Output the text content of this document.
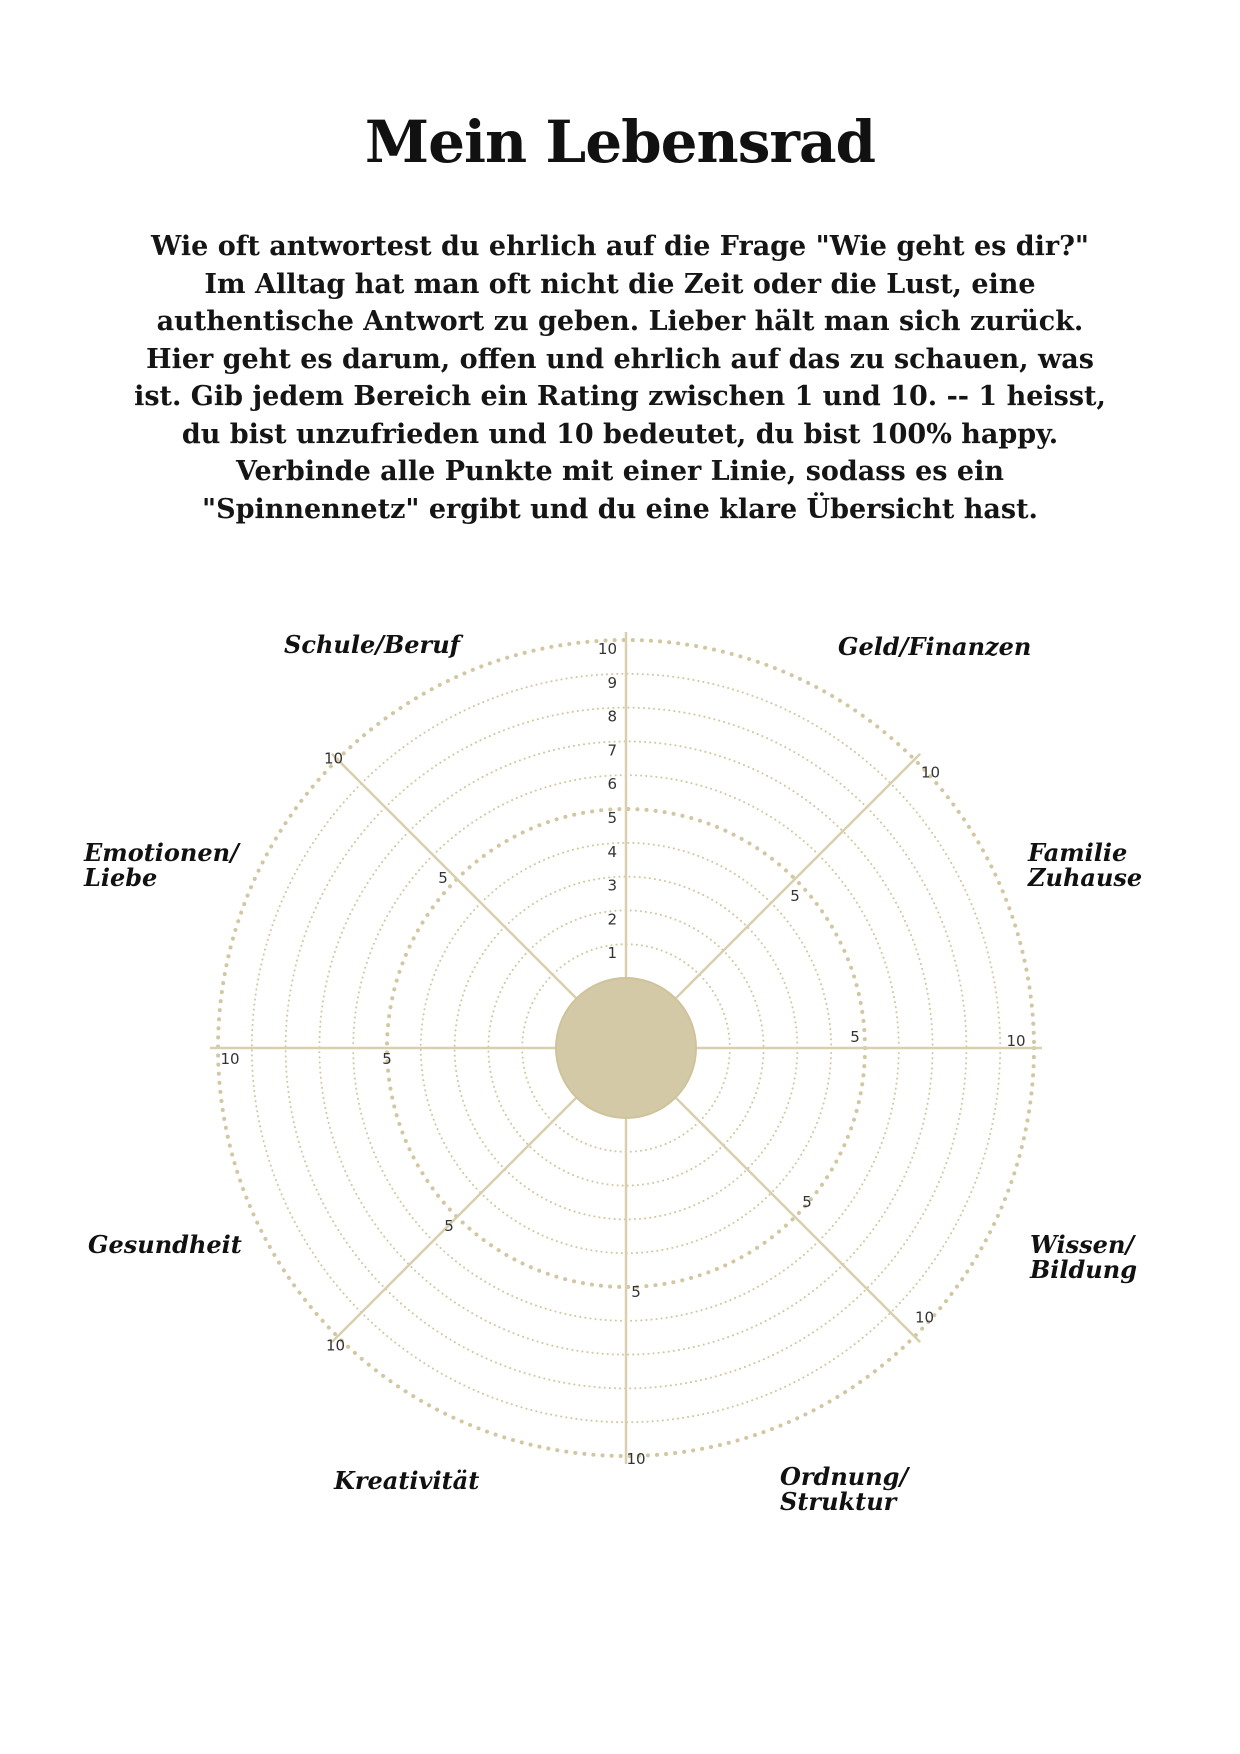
Mein Lebensrad
Wie oft antwortest du ehrlich auf die Frage "Wie geht es dir?" Im Alltag hat man oft nicht die Zeit oder die Lust, eine authentische Antwort zu geben. Lieber hält man sich zurück. Hier geht es darum, offen und ehrlich auf das zu schauen, was ist. Gib jedem Bereich ein Rating zwischen 1 und 10. -- 1 heisst, du bist unzufrieden und 10 bedeutet, du bist 100% happy. Verbinde alle Punkte mit einer Linie, sodass es ein "Spinnennetz" ergibt und du eine klare Übersicht hast.
1
2
3
4
5
6
7
8
9
10
5	10
5
10
5
10
5
10
5
10
5
10
5
10
Schule/Beruf	Geld/Finanzen
Familie
Zuhause
Wissen/
Bildung
Ordnung/
Struktur
Kreativität
Gesundheit
Emotionen/
Liebe
